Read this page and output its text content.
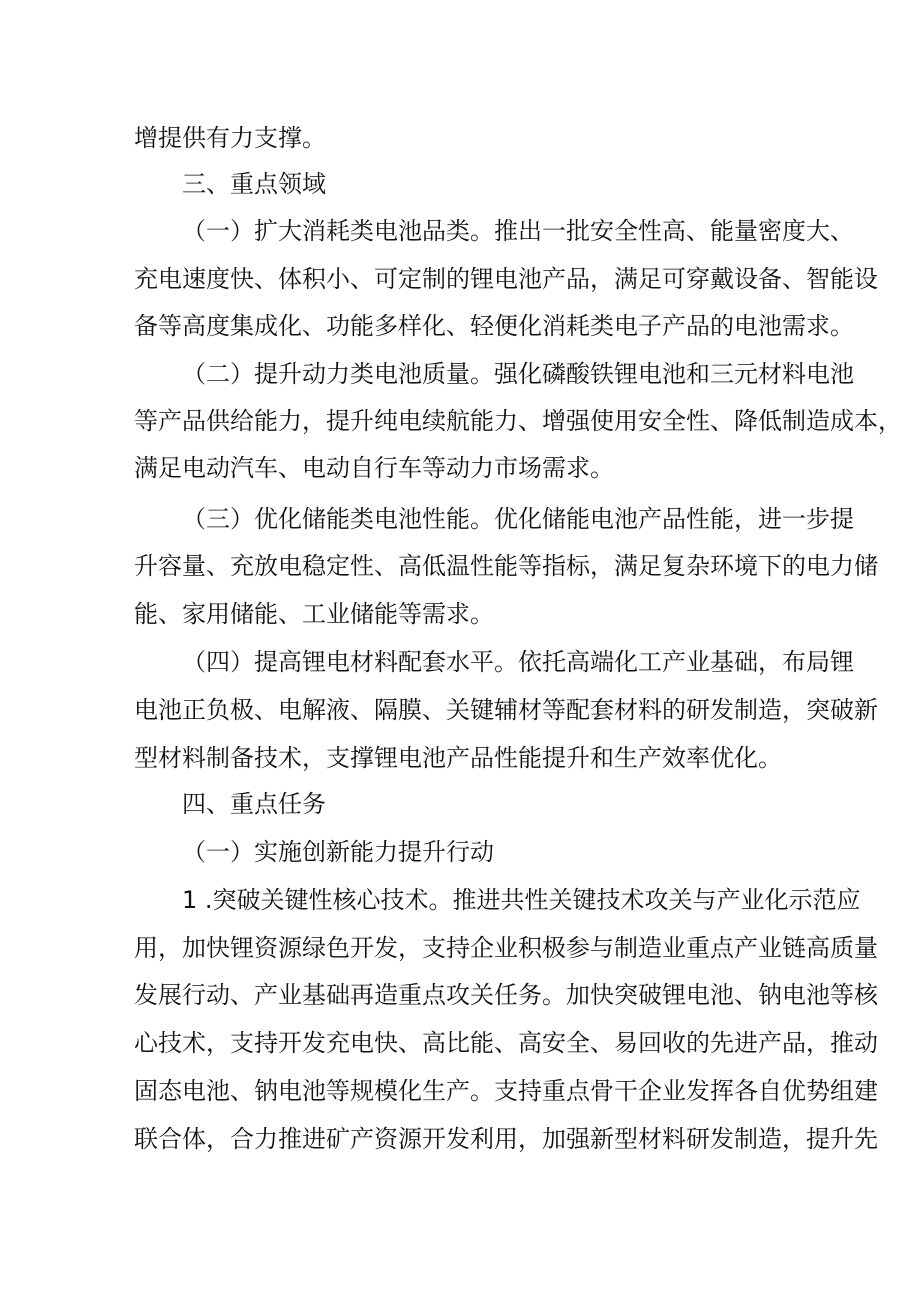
增提供有力支撑。
三、重点领域
（一）扩大消耗类电池品类。推出一批安全性高、能量密度大、
充电速度快、体积小、可定制的锂电池产品，满足可穿戴设备、智能设
备等高度集成化、功能多样化、轻便化消耗类电子产品的电池需求。
（二）提升动力类电池质量。强化磷酸铁锂电池和三元材料电池
等产品供给能力，提升纯电续航能力、增强使用安全性、降低制造成本，
满足电动汽车、电动自行车等动力市场需求。
（三）优化储能类电池性能。优化储能电池产品性能，进一步提
升容量、充放电稳定性、高低温性能等指标，满足复杂环境下的电力储
能、家用储能、工业储能等需求。
（四）提高锂电材料配套水平。依托高端化工产业基础，布局锂
电池正负极、电解液、隔膜、关键辅材等配套材料的研发制造，突破新
型材料制备技术，支撑锂电池产品性能提升和生产效率优化。
四、重点任务
（一）实施创新能力提升行动
1 .突破关键性核心技术。推进共性关键技术攻关与产业化示范应
用，加快锂资源绿色开发，支持企业积极参与制造业重点产业链高质量
发展行动、产业基础再造重点攻关任务。加快突破锂电池、钠电池等核
心技术，支持开发充电快、高比能、高安全、易回收的先进产品，推动
固态电池、钠电池等规模化生产。支持重点骨干企业发挥各自优势组建
联合体，合力推进矿产资源开发利用，加强新型材料研发制造，提升先
